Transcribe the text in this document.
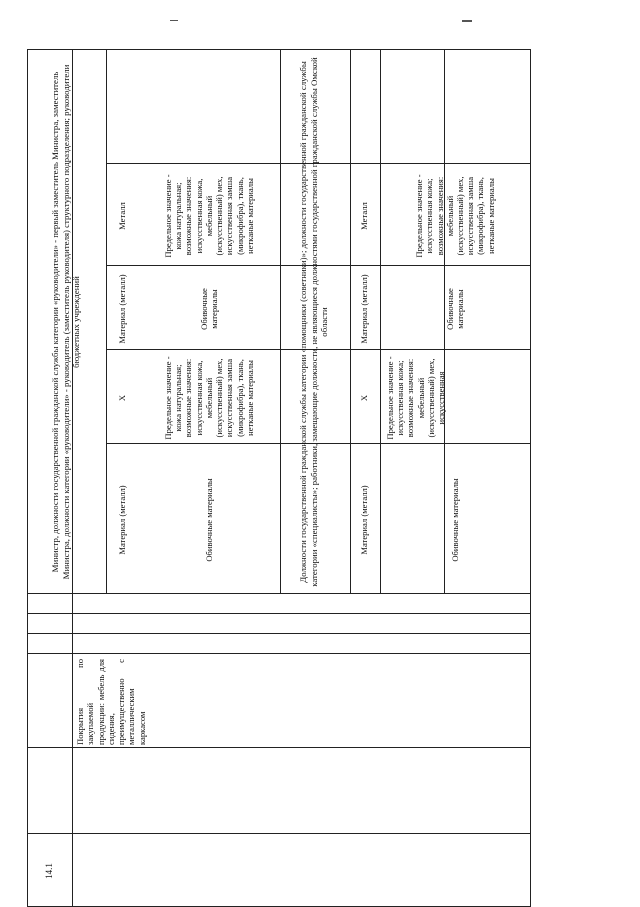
14.1
Покрытия по закупаемой продукции: мебель для сидения, преимущественно с металлическим каркасом
Министр, должности государственной гражданской службы категории «руководители» - первый заместитель Министра, заместитель Министра, должности категории «руководители» - руководитель (заместитель руководителя) структурного подразделения; руководители бюджетных учреждений
Материал (металл)
X
Материал (металл)
Металл
Обивочные материалы
Предельное значение - кожа натуральная; возможные значения: искусственная кожа, мебельный (искусственный) мех, искусственная замша (микрофибра), ткань, нетканые материалы
Обивочные материалы
Предельное значение - кожа натуральная; возможные значения: искусственная кожа, мебельный (искусственный) мех, искусственная замша (микрофибра), ткань, нетканые материалы	Должности государственной гражданской службы категории «помощники (советники)»; должности государственной гражданской службы категории «специалисты»; работники, замещающие должности, не являющиеся должностями государственной гражданской службы Омской области
Материал (металл)
X
Материал (металл)
Металл
Обивочные материалы
Предельное значение - искусственная кожа; возможные значения: мебельный (искусственный) мех, искусственная
Обивочные материалы
Предельное значение - искусственная кожа; возможные значения: мебельный (искусственный) мех, искусственная замша (микрофибра), ткань, нетканые материалы
